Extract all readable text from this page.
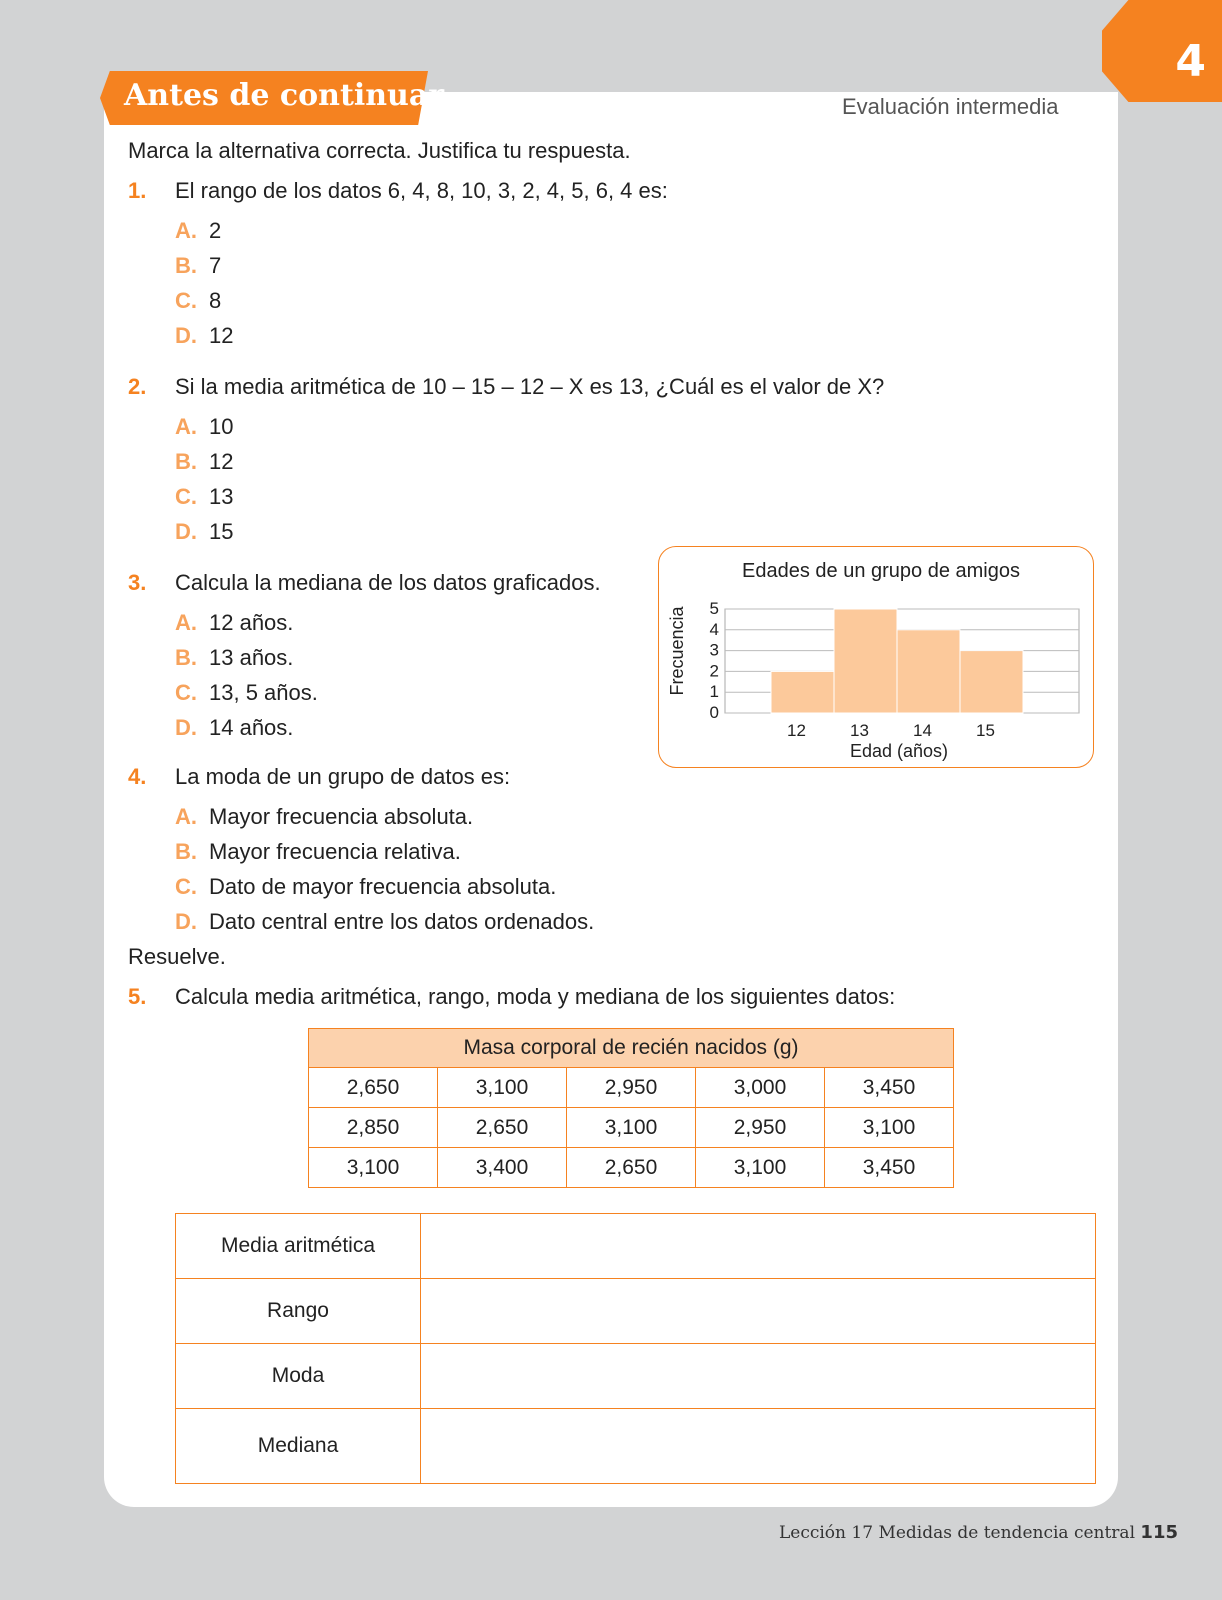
4
Antes de continuar	Evaluación intermedia
Marca la alternativa correcta. Justifica tu respuesta.
1. El rango de los datos 6, 4, 8, 10, 3, 2, 4, 5, 6, 4 es:
A. 2
B. 7
C. 8
D. 12
2. Si la media aritmética de 10 – 15 – 12 – X es 13, ¿Cuál es el valor de X?
A. 10
B. 12
C. 13
D. 15
3. Calcula la mediana de los datos graficados.
A. 12 años.
B. 13 años.
C. 13, 5 años.
D. 14 años.
Edades de un grupo de amigos
Frecuencia
Edad (años)
0
1
2
3
4
5
12	13	14	15
4. La moda de un grupo de datos es:
A. Mayor frecuencia absoluta.
B. Mayor frecuencia relativa.
C. Dato de mayor frecuencia absoluta.
D. Dato central entre los datos ordenados.
Resuelve.
5. Calcula media aritmética, rango, moda y mediana de los siguientes datos:
Masa corporal de recién nacidos (g)				
2,650	3,100	2,950	3,000	3,450
2,850	2,650	3,100	2,950	3,100
3,100	3,400	2,650	3,100	3,450
Media aritmética	
Rango	
Moda	
Mediana	
Lección 17 Medidas de tendencia central 115
